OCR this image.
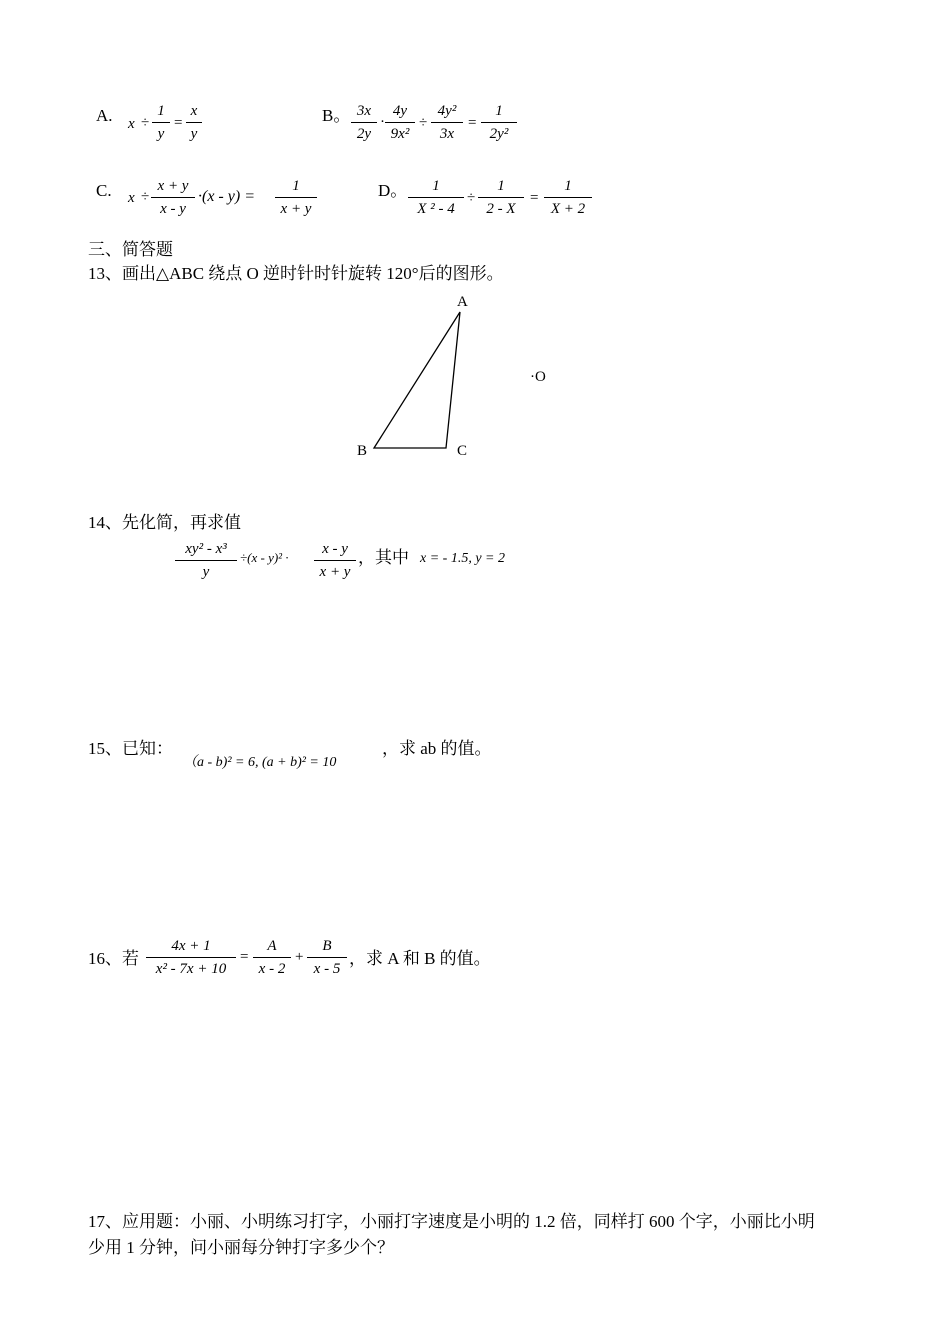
A. x ÷
1
y
=
x
y
B。 3x
2y
·
4y
9x²
÷
4y²
3x
=
1
2y²
C. x ÷
x + y
x - y
·(x - y) =
1
x + y
D。	1
X ² - 4
÷
1
2 - X
=
1
X + 2
三、简答题
13、画出△ABC 绕点 O 逆时针时针旋转 120°后的图形。
A
B	C
·O
14、先化简，再求值
xy² - x³
y
÷(x - y)² ·
x - y
x + y
，其中 x = - 1.5, y = 2
15、已知：
（a - b)² = 6, (a + b)² = 10
，求 ab 的值。
16、若
4x + 1
x² - 7x + 10
=
A
x - 2
+
B
x - 5
，求 A 和 B 的值。
17、应用题：小丽、小明练习打字，小丽打字速度是小明的 1.2 倍，同样打 600 个字，小丽比小明
少用 1 分钟，问小丽每分钟打字多少个？
